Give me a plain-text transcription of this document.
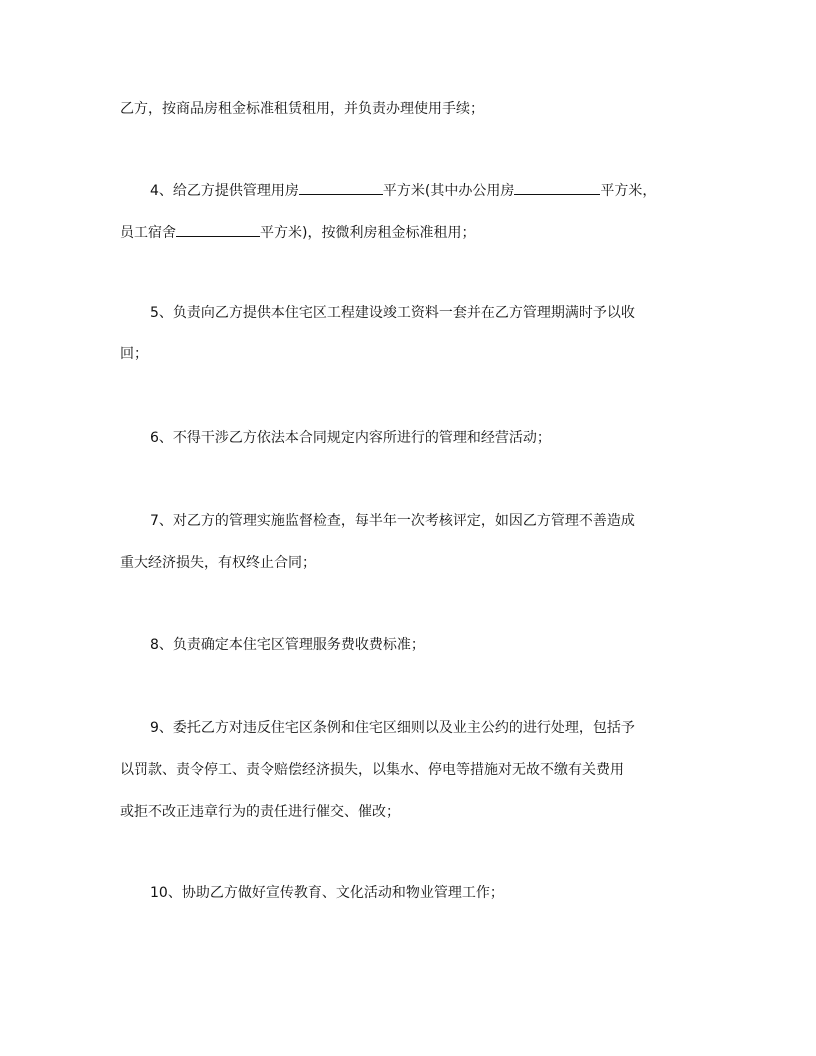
乙方，按商品房租金标准租赁租用，并负责办理使用手续；
4、给乙方提供管理用房	平方米(其中办公用房	平方米，
员工宿舍	平方米)，按微利房租金标准租用；
5、负责向乙方提供本住宅区工程建设竣工资料一套并在乙方管理期满时予以收
回；
6、不得干涉乙方依法本合同规定内容所进行的管理和经营活动；
7、对乙方的管理实施监督检查，每半年一次考核评定，如因乙方管理不善造成
重大经济损失，有权终止合同；
8、负责确定本住宅区管理服务费收费标准；
9、委托乙方对违反住宅区条例和住宅区细则以及业主公约的进行处理，包括予
以罚款、责令停工、责令赔偿经济损失，以集水、停电等措施对无故不缴有关费用
或拒不改正违章行为的责任进行催交、催改；
10、协助乙方做好宣传教育、文化活动和物业管理工作；
